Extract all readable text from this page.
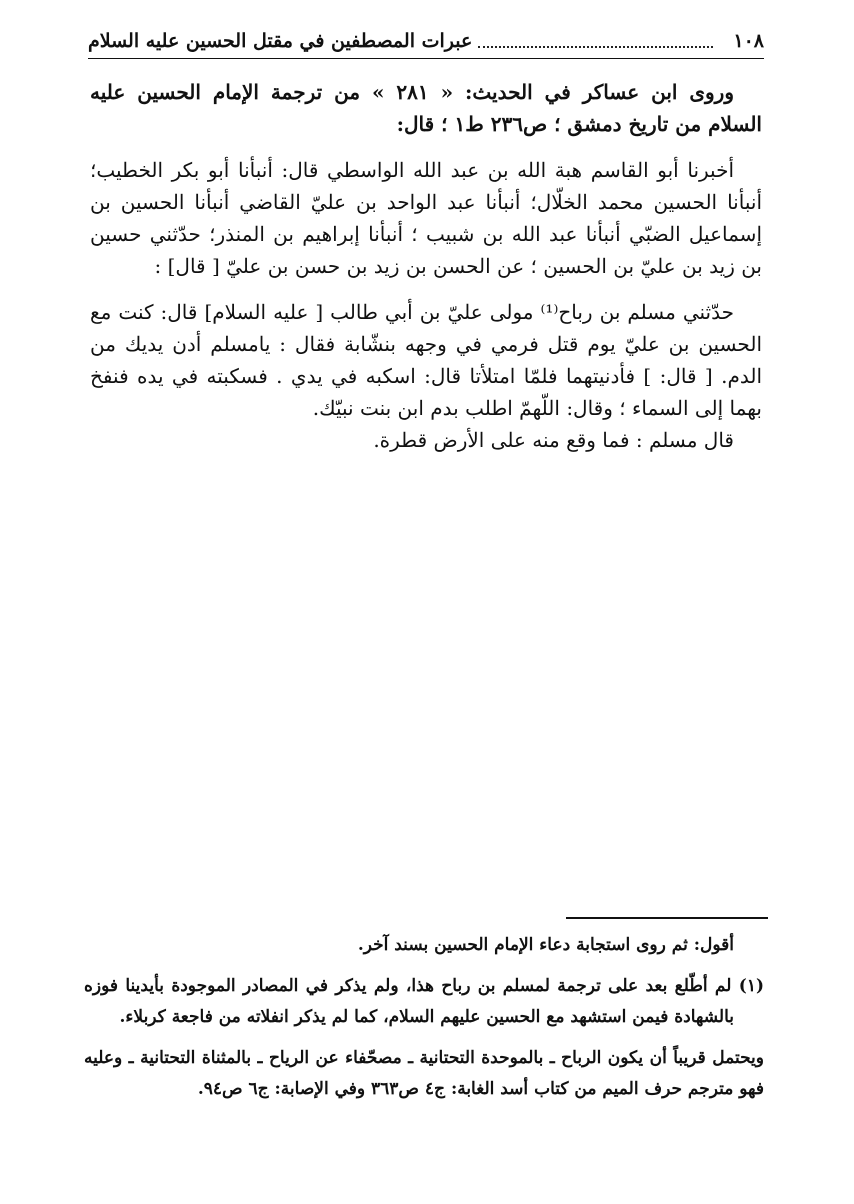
١٠٨
عبرات المصطفين في مقتل الحسين عليه السلام

وروى ابن عساكر في الحديث: « ٢٨١ » من ترجمة الإمام الحسين عليه السلام من تاريخ دمشق ؛ ص٢٣٦ ط١ ؛ قال:

أخبرنا أبو القاسم هبة الله بن عبد الله الواسطي قال: أنبأنا أبو بكر الخطيب؛ أنبأنا الحسين محمد الخلّال؛ أنبأنا عبد الواحد بن عليّ القاضي أنبأنا الحسين بن إسماعيل الضبّي أنبأنا عبد الله بن شبيب ؛ أنبأنا إبراهيم بن المنذر؛ حدّثني حسين بن زيد بن عليّ بن الحسين ؛ عن الحسن بن زيد بن حسن بن عليّ [ قال] :

حدّثني مسلم بن رباح⁽¹⁾ مولى عليّ بن أبي طالب [ عليه السلام] قال: كنت مع الحسين بن عليّ يوم قتل فرمي في وجهه بنشّابة فقال : يامسلم أدن يديك من الدم. [ قال: ] فأدنيتهما فلمّا امتلأتا قال: اسكبه في يدي . فسكبته في يده فنفخ بهما إلى السماء ؛ وقال: اللّهمّ اطلب بدم ابن بنت نبيّك.

قال مسلم : فما وقع منه على الأرض قطرة.

أقول: ثم روى استجابة دعاء الإمام الحسين بسند آخر.

(١) لم أطّلع بعد على ترجمة لمسلم بن رباح هذا، ولم يذكر في المصادر الموجودة بأيدينا فوزه بالشهادة فيمن استشهد مع الحسين عليهم السلام، كما لم يذكر انفلاته من فاجعة كربلاء.

ويحتمل قريباً أن يكون الرباح ـ بالموحدة التحتانية ـ مصحّفاء عن الرياح ـ بالمثناة التحتانية ـ وعليه فهو مترجم حرف الميم من كتاب أسد الغابة: ج٤ ص٣٦٣ وفي الإصابة: ج٦ ص٩٤.
